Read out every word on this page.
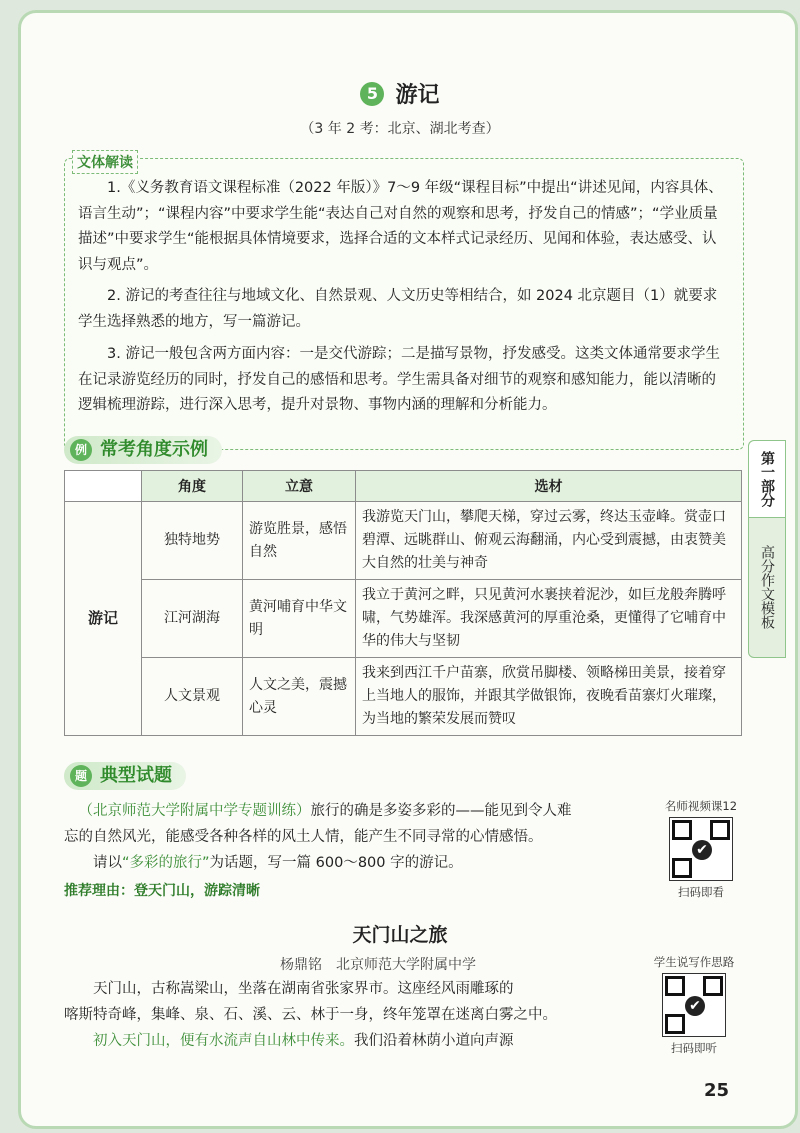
5 游记
（3 年 2 考：北京、湖北考查）
文体解读
1.《义务教育语文课程标准（2022 年版）》7～9 年级“课程目标”中提出“讲述见闻，内容具体、语言生动”；“课程内容”中要求学生能“表达自己对自然的观察和思考，抒发自己的情感”；“学业质量描述”中要求学生“能根据具体情境要求，选择合适的文本样式记录经历、见闻和体验，表达感受、认识与观点”。
2. 游记的考查往往与地域文化、自然景观、人文历史等相结合，如 2024 北京题目（1）就要求学生选择熟悉的地方，写一篇游记。
3. 游记一般包含两方面内容：一是交代游踪；二是描写景物，抒发感受。这类文体通常要求学生在记录游览经历的同时，抒发自己的感悟和思考。学生需具备对细节的观察和感知能力，能以清晰的逻辑梳理游踪，进行深入思考，提升对景物、事物内涵的理解和分析能力。
例 常考角度示例
	角度	立意	选材
游记	独特地势	游览胜景，感悟自然	我游览天门山，攀爬天梯，穿过云雾，终达玉壶峰。赏壶口碧潭、远眺群山、俯观云海翻涌，内心受到震撼，由衷赞美大自然的壮美与神奇
	江河湖海	黄河哺育中华文明	我立于黄河之畔，只见黄河水裹挟着泥沙，如巨龙般奔腾呼啸，气势雄浑。我深感黄河的厚重沧桑，更懂得了它哺育中华的伟大与坚韧
	人文景观	人文之美，震撼心灵	我来到西江千户苗寨，欣赏吊脚楼、领略梯田美景，接着穿上当地人的服饰，并跟其学做银饰，夜晚看苗寨灯火璀璨，为当地的繁荣发展而赞叹
题 典型试题
（北京师范大学附属中学专题训练）旅行的确是多姿多彩的——能见到令人难
忘的自然风光，能感受各种各样的风土人情，能产生不同寻常的心情感悟。
请以“多彩的旅行”为话题，写一篇 600～800 字的游记。
推荐理由：登天门山，游踪清晰
名师视频课12
✔
扫码即看
天门山之旅
杨鼎铭　北京师范大学附属中学
天门山，古称嵩梁山，坐落在湖南省张家界市。这座经风雨雕琢的
喀斯特奇峰，集峰、泉、石、溪、云、林于一身，终年笼罩在迷离白雾之中。
初入天门山，便有水流声自山林中传来。我们沿着林荫小道向声源
学生说写作思路
✔
扫码即听
第一部分
高分作文模板
25
